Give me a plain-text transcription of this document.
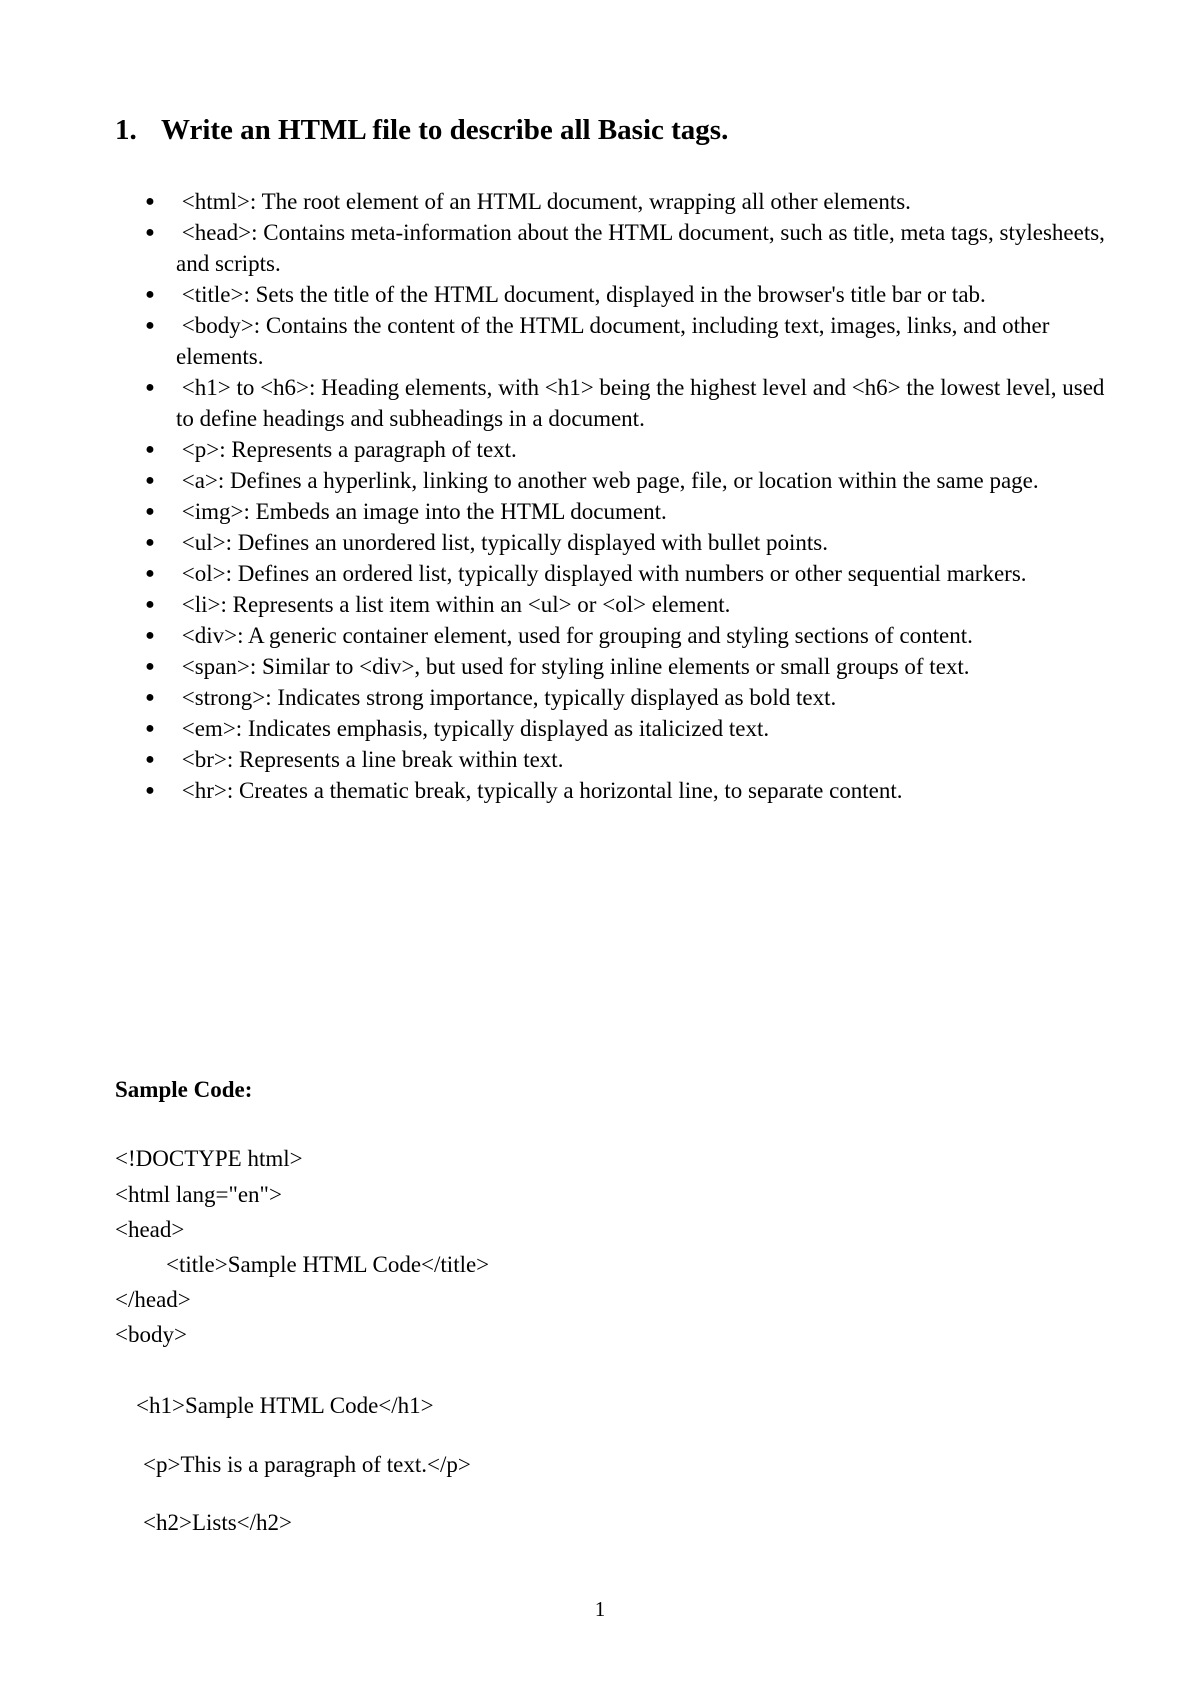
1. Write an HTML file to describe all Basic tags.
● <html>: The root element of an HTML document, wrapping all other elements.
● <head>: Contains meta-information about the HTML document, such as title, meta tags, stylesheets, and scripts.
● <title>: Sets the title of the HTML document, displayed in the browser's title bar or tab.
● <body>: Contains the content of the HTML document, including text, images, links, and other elements.
● <h1> to <h6>: Heading elements, with <h1> being the highest level and <h6> the lowest level, used to define headings and subheadings in a document.
● <p>: Represents a paragraph of text.
● <a>: Defines a hyperlink, linking to another web page, file, or location within the same page.
● <img>: Embeds an image into the HTML document.
● <ul>: Defines an unordered list, typically displayed with bullet points.
● <ol>: Defines an ordered list, typically displayed with numbers or other sequential markers.
● <li>: Represents a list item within an <ul> or <ol> element.
● <div>: A generic container element, used for grouping and styling sections of content.
● <span>: Similar to <div>, but used for styling inline elements or small groups of text.
● <strong>: Indicates strong importance, typically displayed as bold text.
● <em>: Indicates emphasis, typically displayed as italicized text.
● <br>: Represents a line break within text.
● <hr>: Creates a thematic break, typically a horizontal line, to separate content.
Sample Code:
<!DOCTYPE html>
<html lang="en">
<head>
<title>Sample HTML Code</title>
</head>
<body>
<h1>Sample HTML Code</h1>
<p>This is a paragraph of text.</p>
<h2>Lists</h2>
1
